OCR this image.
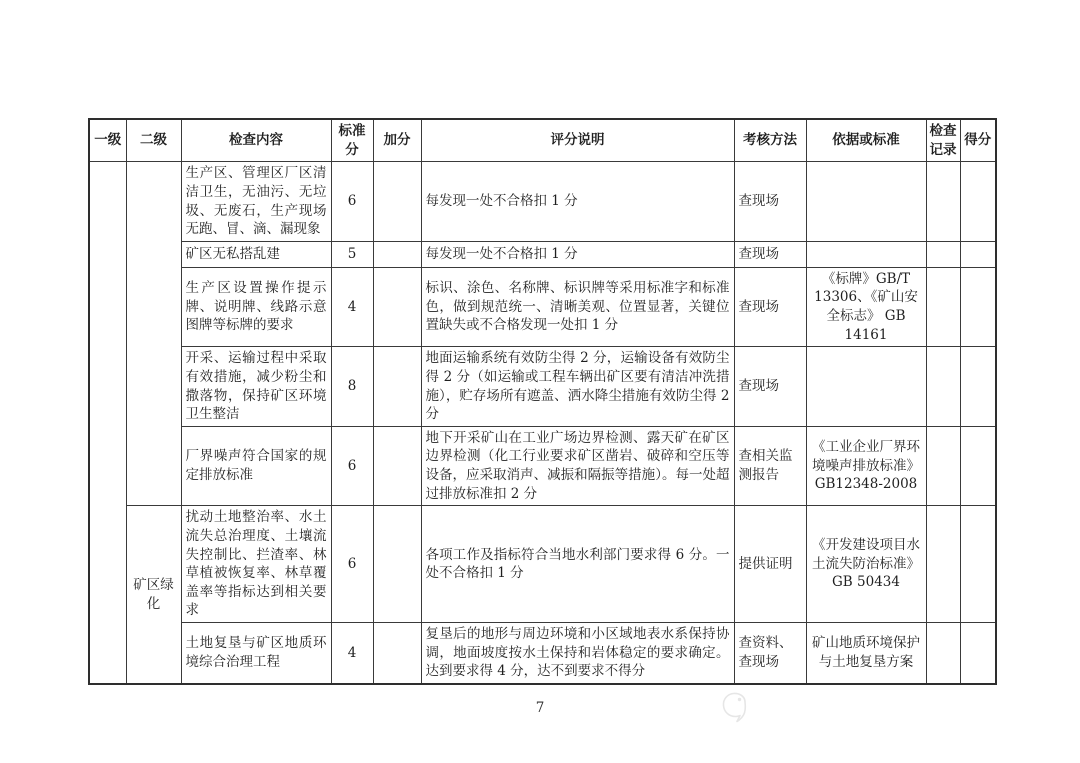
一级	二级	检查内容	标准分	加分	评分说明	考核方法	依据或标准	检查记录	得分
		生产区、管理区厂区清洁卫生，无油污、无垃圾、无废石，生产现场无跑、冒、滴、漏现象	6		每发现一处不合格扣 1 分	查现场			
		矿区无私搭乱建	5		每发现一处不合格扣 1 分	查现场			
		生产区设置操作提示牌、说明牌、线路示意图牌等标牌的要求	4		标识、涂色、名称牌、标识牌等采用标准字和标准色，做到规范统一、清晰美观、位置显著，关键位置缺失或不合格发现一处扣 1 分	查现场	《标牌》GB/T 13306、《矿山安全标志》 GB 14161		
		开采、运输过程中采取有效措施，减少粉尘和撒落物，保持矿区环境卫生整洁	8		地面运输系统有效防尘得 2 分，运输设备有效防尘得 2 分（如运输或工程车辆出矿区要有清洁冲洗措施），贮存场所有遮盖、洒水降尘措施有效防尘得 2 分	查现场			
		厂界噪声符合国家的规定排放标准	6		地下开采矿山在工业广场边界检测、露天矿在矿区边界检测（化工行业要求矿区凿岩、破碎和空压等设备，应采取消声、减振和隔振等措施）。每一处超过排放标准扣 2 分	查相关监测报告	《工业企业厂界环境噪声排放标准》GB12348-2008		
	矿区绿化	扰动土地整治率、水土流失总治理度、土壤流失控制比、拦渣率、林草植被恢复率、林草覆盖率等指标达到相关要求	6		各项工作及指标符合当地水利部门要求得 6 分。一处不合格扣 1 分	提供证明	《开发建设项目水土流失防治标准》GB 50434		
		土地复垦与矿区地质环境综合治理工程	4		复垦后的地形与周边环境和小区域地表水系保持协调，地面坡度按水土保持和岩体稳定的要求确定。达到要求得 4 分，达不到要求不得分	查资料、查现场	矿山地质环境保护与土地复垦方案		
7
